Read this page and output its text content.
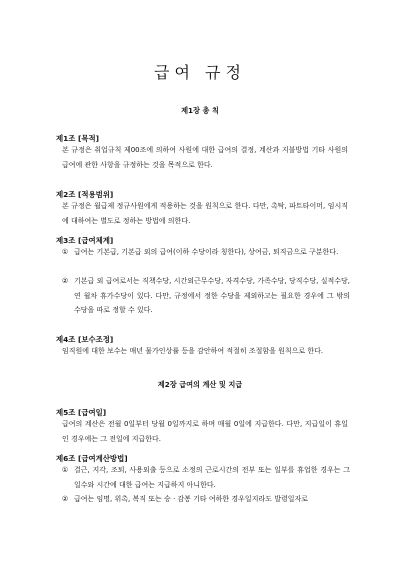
급여 규정
제1장 총 칙
제1조 [목적]

본 규정은 취업규칙 제00조에 의하여 사원에 대한 급여의 결정, 계산과 지불방법 기타 사원의 급여에 관한 사항을 규정하는 것을 목적으로 한다.

제2조 [적용범위]

본 규정은 월급제 정규사원에게 적용하는 것을 원칙으로 한다. 다만, 촉탁, 파트타이머, 임시직에 대하여는 별도로 정하는 방법에 의한다.

제3조 [급여체계]
① 급여는 기본급, 기본급 외의 급여(이하 수당이라 칭한다), 상여금, 퇴직금으로 구분한다.
② 기본급 외 급여로서는 직책수당, 시간외근무수당, 자격수당, 가족수당, 당직수당, 실적수당, 연 월차 휴가수당이 있다. 다만, 규정에서 정한 수당을 제외하고는 필요한 경우에 그 밖의 수당을 따로 정할 수 있다.
제4조 [보수조정]

임직원에 대한 보수는 매년 물가인상률 등을 감안하여 적절히 조절함을 원칙으로 한다.

제2장 급여의 계산 및 지급
제5조 [급여일]

급여의 계산은 전월 0일부터 당월 0일까지로 하며 매월 0일에 지급한다. 다만, 지급일이 휴일인 경우에는 그 전일에 지급한다.

제6조 [급여계산방법]
① 결근, 지각, 조퇴, 사용외출 등으로 소정의 근로시간의 전부 또는 일부를 휴업한 경우는 그 일수와 시간에 대한 급여는 지급하지 아니한다.
② 급여는 임명, 위촉, 복직 또는 승 · 감봉 기타 여하한 경우일지라도 발령일자로
